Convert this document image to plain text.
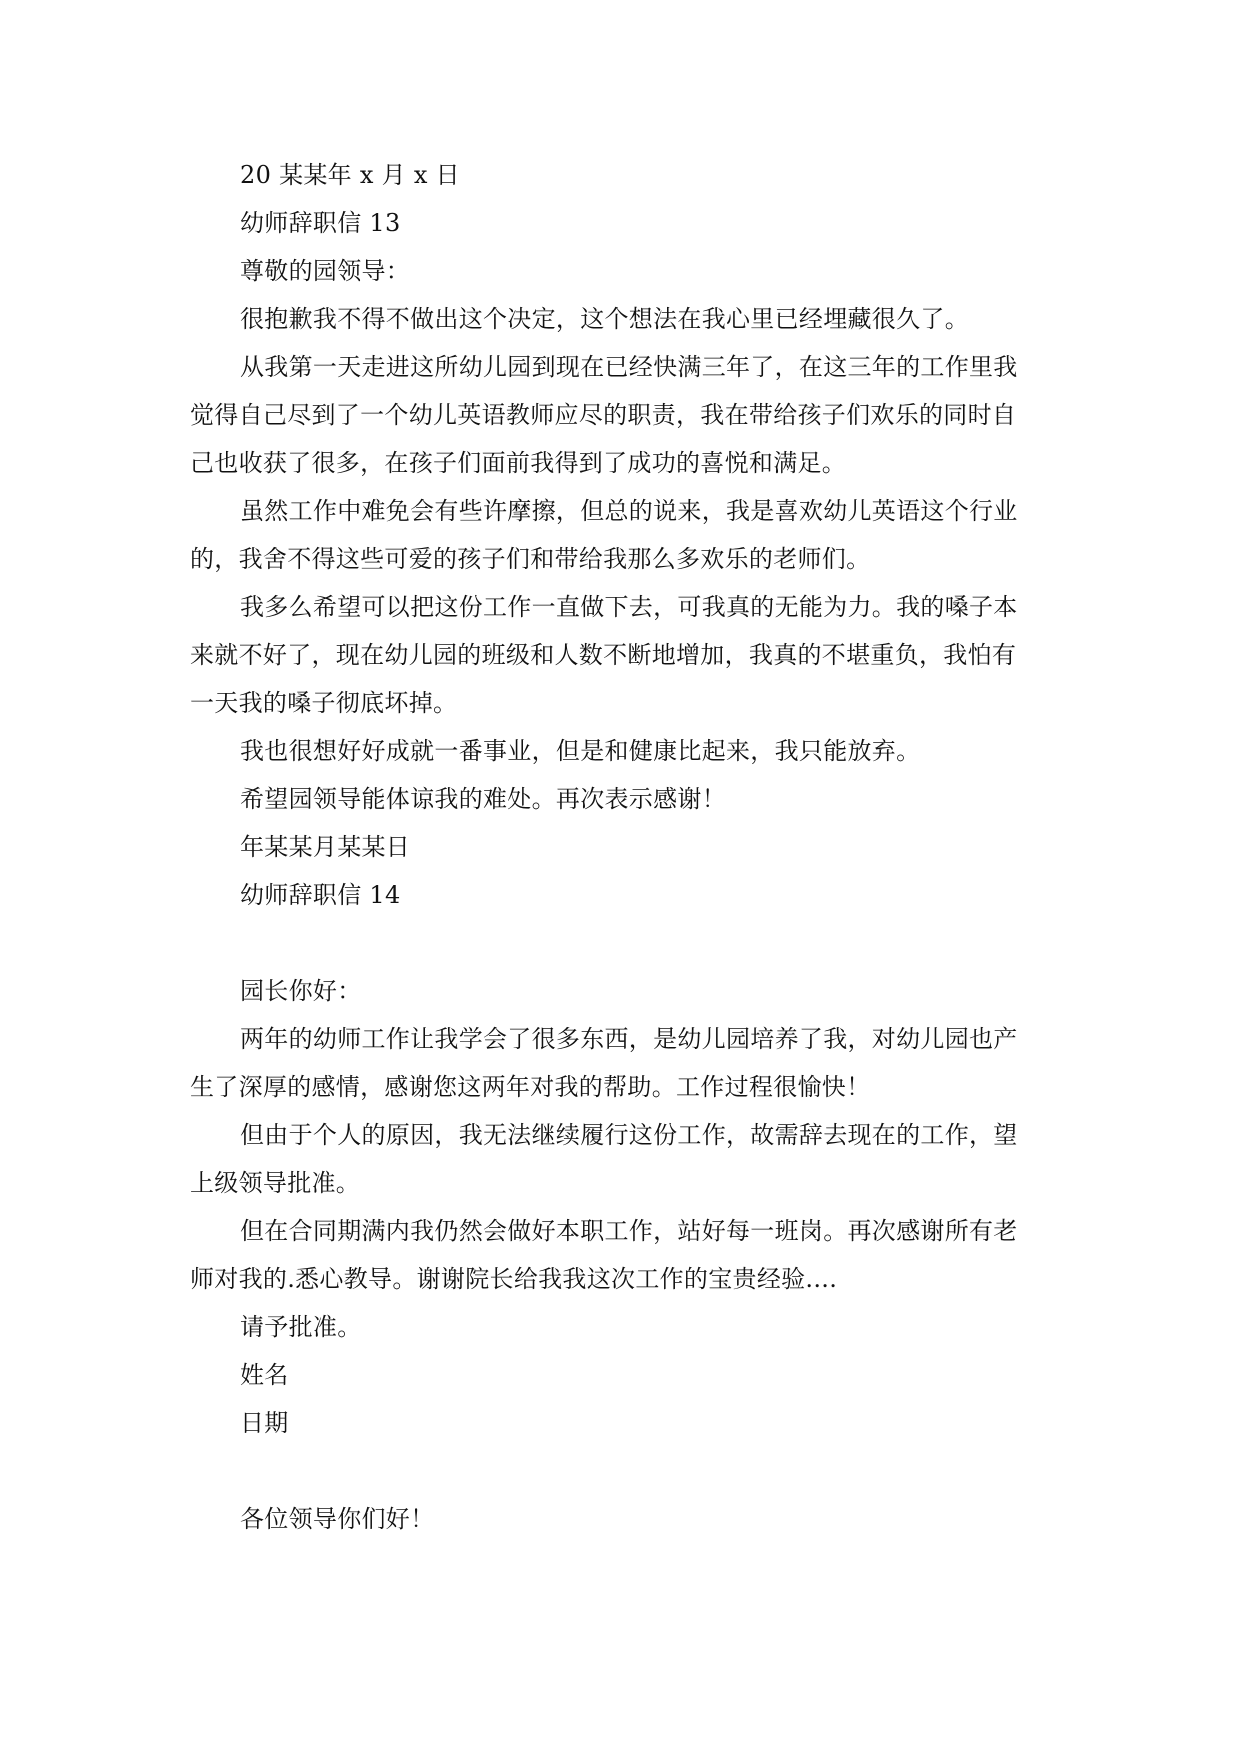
20 某某年 x 月 x 日
幼师辞职信 13
尊敬的园领导：
很抱歉我不得不做出这个决定，这个想法在我心里已经埋藏很久了。
从我第一天走进这所幼儿园到现在已经快满三年了，在这三年的工作里我
觉得自己尽到了一个幼儿英语教师应尽的职责，我在带给孩子们欢乐的同时自
己也收获了很多，在孩子们面前我得到了成功的喜悦和满足。
虽然工作中难免会有些许摩擦，但总的说来，我是喜欢幼儿英语这个行业
的，我舍不得这些可爱的孩子们和带给我那么多欢乐的老师们。
我多么希望可以把这份工作一直做下去，可我真的无能为力。我的嗓子本
来就不好了，现在幼儿园的班级和人数不断地增加，我真的不堪重负，我怕有
一天我的嗓子彻底坏掉。
我也很想好好成就一番事业，但是和健康比起来，我只能放弃。
希望园领导能体谅我的难处。再次表示感谢！
年某某月某某日
幼师辞职信 14
园长你好：
两年的幼师工作让我学会了很多东西，是幼儿园培养了我，对幼儿园也产
生了深厚的感情，感谢您这两年对我的帮助。工作过程很愉快！
但由于个人的原因，我无法继续履行这份工作，故需辞去现在的工作，望
上级领导批准。
但在合同期满内我仍然会做好本职工作，站好每一班岗。再次感谢所有老
师对我的.悉心教导。谢谢院长给我我这次工作的宝贵经验....
请予批准。
姓名
日期
各位领导你们好！
